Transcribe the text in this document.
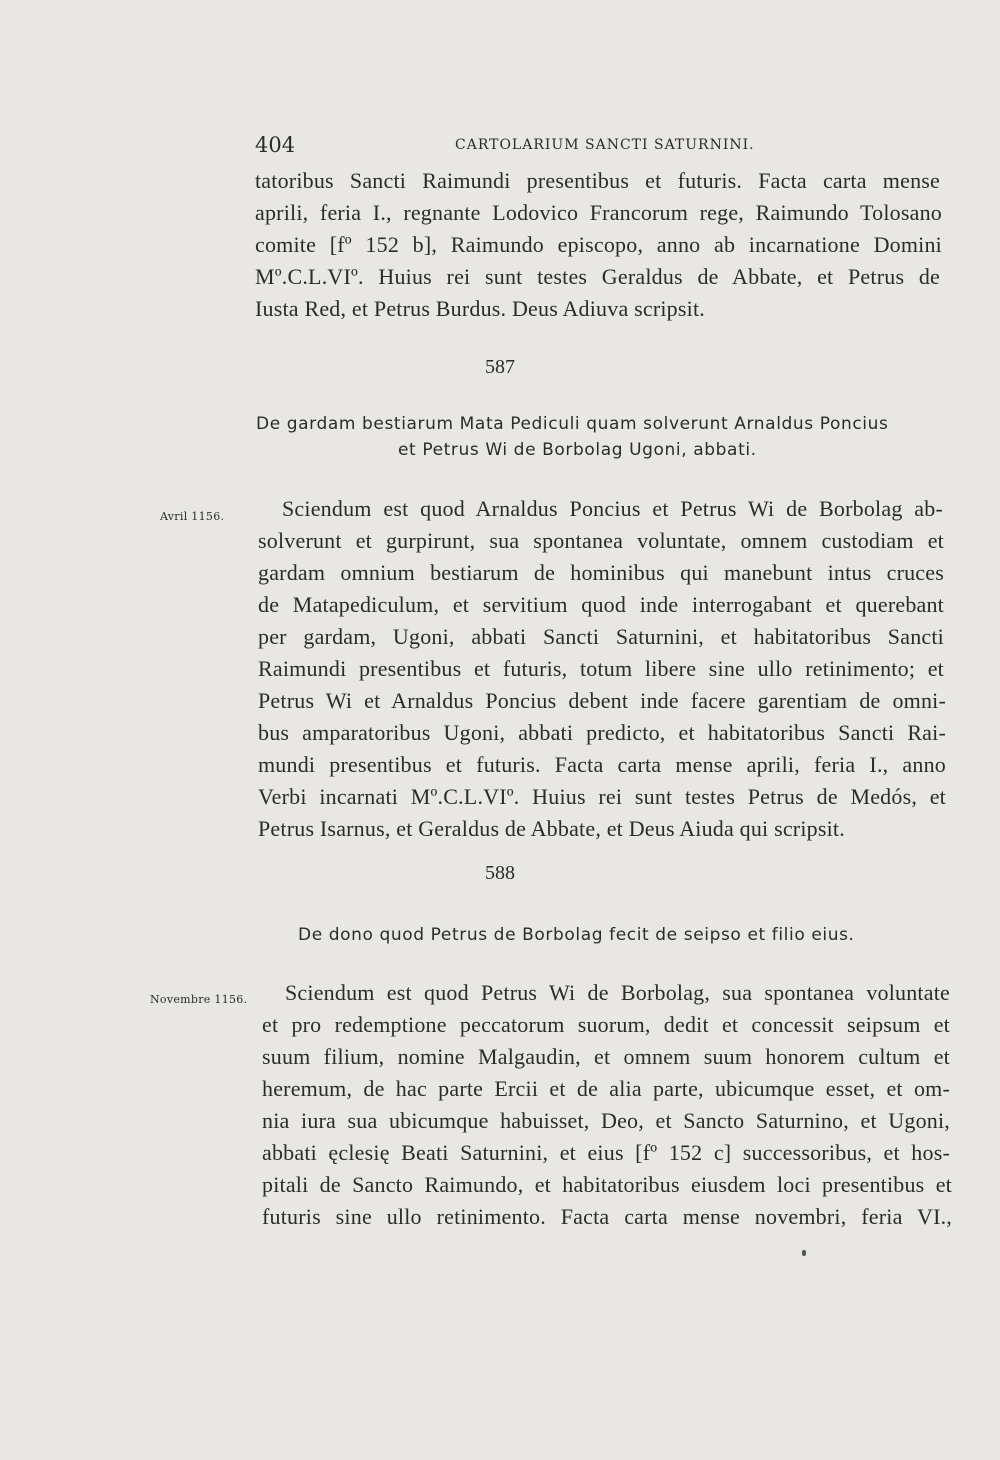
404	CARTOLARIUM SANCTI SATURNINI.
tatoribus Sancti Raimundi presentibus et futuris. Facta carta mense
aprili, feria I., regnante Lodovico Francorum rege, Raimundo Tolosano
comite [fº 152 b], Raimundo episcopo, anno ab incarnatione Domini
Mº.C.L.VIº. Huius rei sunt testes Geraldus de Abbate, et Petrus de
Iusta Red, et Petrus Burdus. Deus Adiuva scripsit.
587
De gardam bestiarum Mata Pediculi quam solverunt Arnaldus Poncius
et Petrus Wi de Borbolag Ugoni, abbati.
Avril 1156.	Sciendum est quod Arnaldus Poncius et Petrus Wi de Borbolag ab-
solverunt et gurpirunt, sua spontanea voluntate, omnem custodiam et
gardam omnium bestiarum de hominibus qui manebunt intus cruces
de Matapediculum, et servitium quod inde interrogabant et querebant
per gardam, Ugoni, abbati Sancti Saturnini, et habitatoribus Sancti
Raimundi presentibus et futuris, totum libere sine ullo retinimento; et
Petrus Wi et Arnaldus Poncius debent inde facere garentiam de omni-
bus amparatoribus Ugoni, abbati predicto, et habitatoribus Sancti Rai-
mundi presentibus et futuris. Facta carta mense aprili, feria I., anno
Verbi incarnati Mº.C.L.VIº. Huius rei sunt testes Petrus de Medós, et
Petrus Isarnus, et Geraldus de Abbate, et Deus Aiuda qui scripsit.
588
De dono quod Petrus de Borbolag fecit de seipso et filio eius.
Novembre 1156. Sciendum est quod Petrus Wi de Borbolag, sua spontanea voluntate
et pro redemptione peccatorum suorum, dedit et concessit seipsum et
suum filium, nomine Malgaudin, et omnem suum honorem cultum et
heremum, de hac parte Ercii et de alia parte, ubicumque esset, et om-
nia iura sua ubicumque habuisset, Deo, et Sancto Saturnino, et Ugoni,
abbati ęclesię Beati Saturnini, et eius [fº 152 c] successoribus, et hos-
pitali de Sancto Raimundo, et habitatoribus eiusdem loci presentibus et
futuris sine ullo retinimento. Facta carta mense novembri, feria VI.,
